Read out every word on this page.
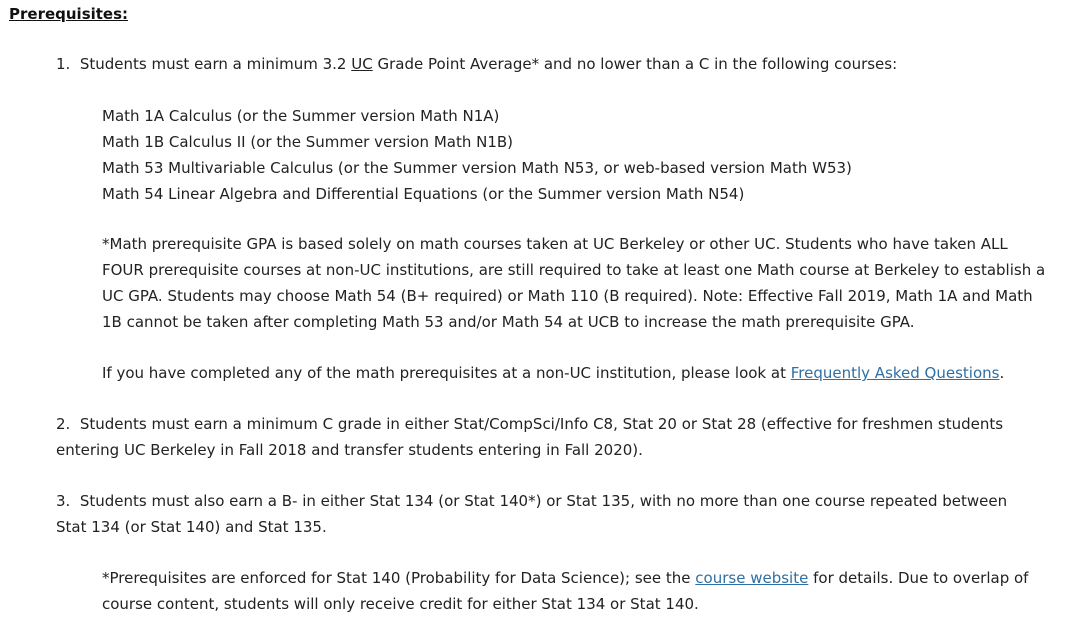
Prerequisites:
1. Students must earn a minimum 3.2 UC Grade Point Average* and no lower than a C in the following courses:
Math 1A Calculus (or the Summer version Math N1A)
Math 1B Calculus II (or the Summer version Math N1B)
Math 53 Multivariable Calculus (or the Summer version Math N53, or web-based version Math W53)
Math 54 Linear Algebra and Differential Equations (or the Summer version Math N54)
*Math prerequisite GPA is based solely on math courses taken at UC Berkeley or other UC. Students who have taken ALL
FOUR prerequisite courses at non-UC institutions, are still required to take at least one Math course at Berkeley to establish a
UC GPA. Students may choose Math 54 (B+ required) or Math 110 (B required). Note: Effective Fall 2019, Math 1A and Math
1B cannot be taken after completing Math 53 and/or Math 54 at UCB to increase the math prerequisite GPA.
If you have completed any of the math prerequisites at a non-UC institution, please look at Frequently Asked Questions.
2.  Students must earn a minimum C grade in either Stat/CompSci/Info C8, Stat 20 or Stat 28 (effective for freshmen students
entering UC Berkeley in Fall 2018 and transfer students entering in Fall 2020).
3.  Students must also earn a B- in either Stat 134 (or Stat 140*) or Stat 135, with no more than one course repeated between
Stat 134 (or Stat 140) and Stat 135.
*Prerequisites are enforced for Stat 140 (Probability for Data Science); see the course website for details. Due to overlap of
course content, students will only receive credit for either Stat 134 or Stat 140.
